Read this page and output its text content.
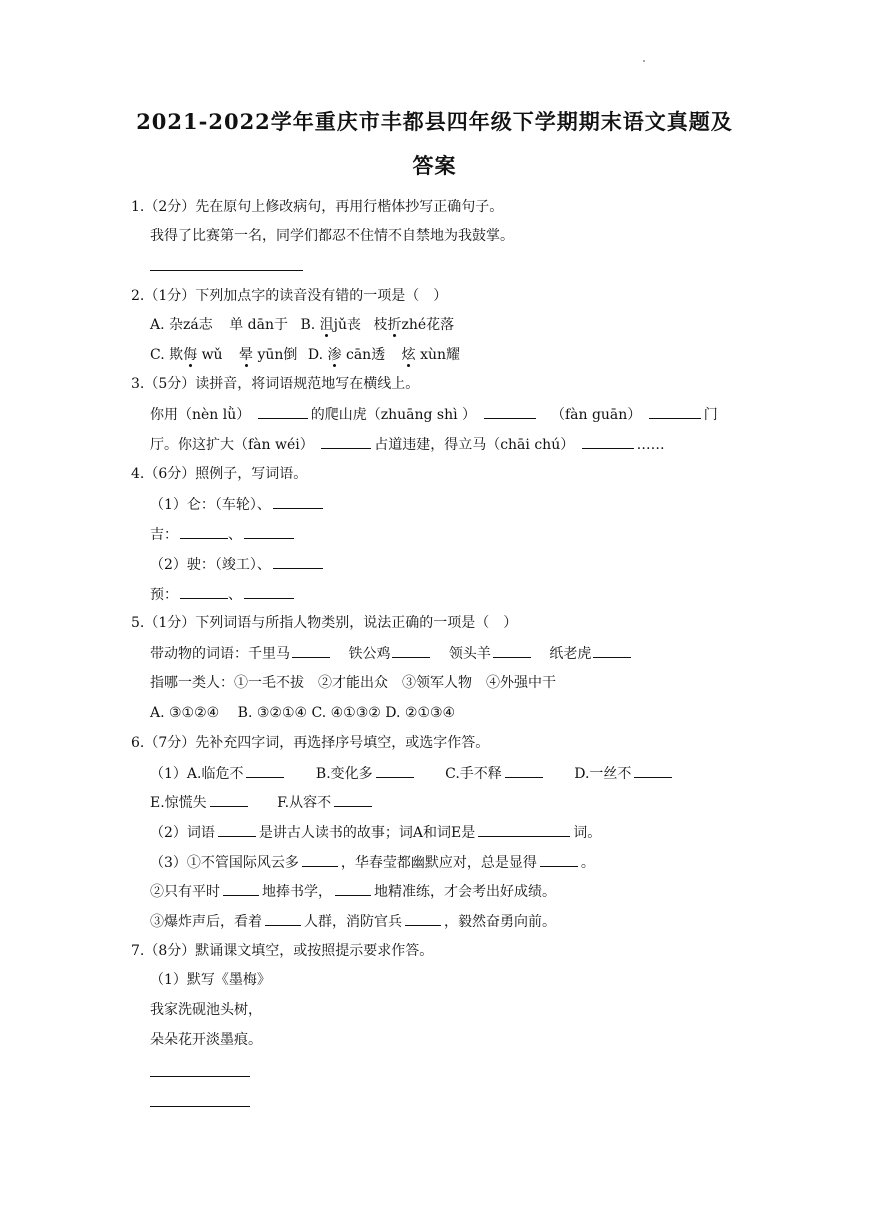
2021-2022学年重庆市丰都县四年级下学期期末语文真题及
答案
1.（2分）先在原句上修改病句，再用行楷体抄写正确句子。
我得了比赛第一名，同学们都忍不住情不自禁地为我鼓掌。
2.（1分）下列加点字的读音没有错的一项是（　）
A. 杂zá志 单 dān于 B. 沮jǔ丧 枝折zhé花落
C. 欺侮 wǔ 晕 yūn倒 D. 渗 cān透 炫 xùn耀
3.（5分）读拼音，将词语规范地写在横线上。
你用（nèn lǜ）	的爬山虎（zhuāng shì ）	（fàn guān）	门
厅。你这扩大（fàn wéi）	占道违建，得立马（chāi chú）	……
4.（6分）照例子，写词语。
（1）仑：（车轮）、
吉：	、
（2）驶：（竣工）、
预：	、
5.（1分）下列词语与所指人物类别，说法正确的一项是（　）
带动物的词语：千里马	铁公鸡	领头羊	纸老虎
指哪一类人：①一毛不拔　②才能出众　③领军人物　④外强中干
A. ③①②④　 B. ③②①④ C. ④①③② D. ②①③④
6.（7分）先补充四字词，再选择序号填空，或选字作答。
（1）A.临危不	B.变化多	C.手不释	D.一丝不
E.惊慌失	F.从容不
（2）词语	是讲古人读书的故事；词A和词E是	词。
（3）①不管国际风云多	，华春莹都幽默应对，总是显得	。
②只有平时	地捧书学，	地精准练，才会考出好成绩。
③爆炸声后，看着	人群，消防官兵	，毅然奋勇向前。
7.（8分）默诵课文填空，或按照提示要求作答。
（1）默写《墨梅》
我家洗砚池头树，
朵朵花开淡墨痕。
